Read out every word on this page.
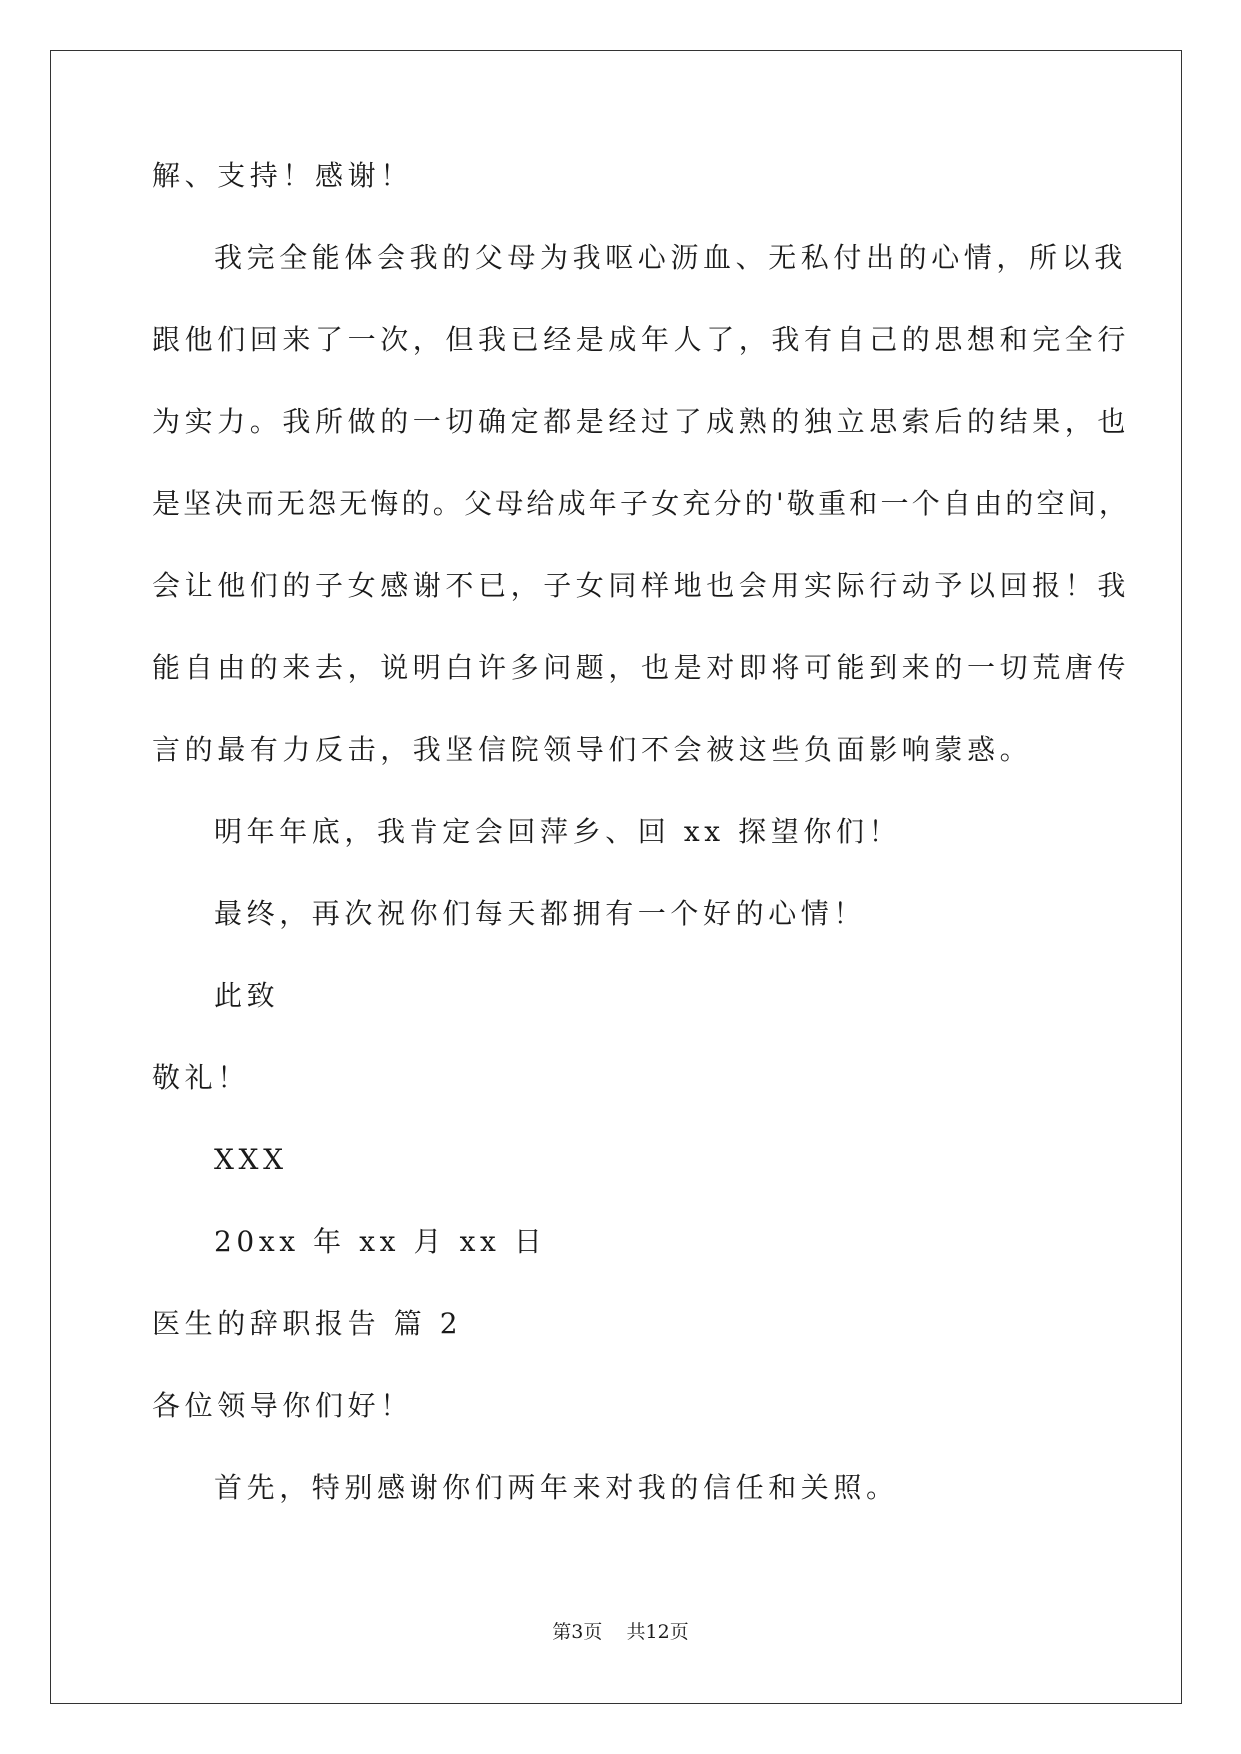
解、支持！感谢！

我完全能体会我的父母为我呕心沥血、无私付出的心情，所以我

跟他们回来了一次，但我已经是成年人了，我有自己的思想和完全行

为实力。我所做的一切确定都是经过了成熟的独立思索后的结果，也

是坚决而无怨无悔的。父母给成年子女充分的'敬重和一个自由的空间，

会让他们的子女感谢不已，子女同样地也会用实际行动予以回报！我

能自由的来去，说明白许多问题，也是对即将可能到来的一切荒唐传

言的最有力反击，我坚信院领导们不会被这些负面影响蒙惑。

明年年底，我肯定会回萍乡、回 xx 探望你们！

最终，再次祝你们每天都拥有一个好的心情！

此致

敬礼！

XXX

20xx 年 xx 月 xx 日

医生的辞职报告 篇 2

各位领导你们好！

首先，特别感谢你们两年来对我的信任和关照。

第3页    共12页
